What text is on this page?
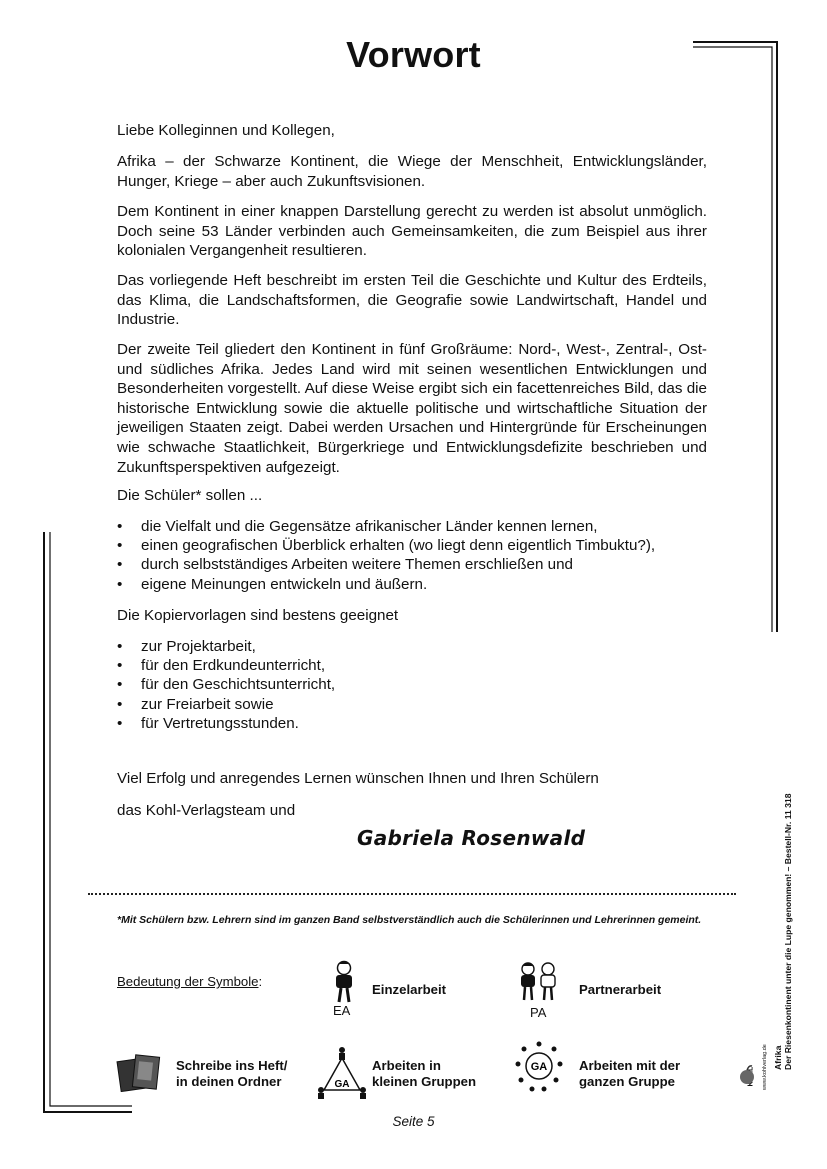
Vorwort
Liebe Kolleginnen und Kollegen,
Afrika – der Schwarze Kontinent, die Wiege der Menschheit, Entwicklungsländer, Hunger, Kriege – aber auch Zukunftsvisionen.
Dem Kontinent in einer knappen Darstellung gerecht zu werden ist absolut unmöglich. Doch seine 53 Länder verbinden auch Gemeinsamkeiten, die zum Beispiel aus ihrer kolonialen Vergangenheit resultieren.
Das vorliegende Heft beschreibt im ersten Teil die Geschichte und Kultur des Erdteils, das Klima, die Landschaftsformen, die Geografie sowie Landwirtschaft, Handel und Industrie.
Der zweite Teil gliedert den Kontinent in fünf Großräume: Nord-, West-, Zentral-, Ost- und südliches Afrika. Jedes Land wird mit seinen wesentlichen Entwicklungen und Besonderheiten vorgestellt. Auf diese Weise ergibt sich ein facettenreiches Bild, das die historische Entwicklung sowie die aktuelle politische und wirtschaftliche Situation der jeweiligen Staaten zeigt. Dabei werden Ursachen und Hintergründe für Erscheinungen wie schwache Staatlichkeit, Bürgerkriege und Entwicklungsdefizite beschrieben und Zukunftsperspektiven aufgezeigt.
Die Schüler* sollen ...
• die Vielfalt und die Gegensätze afrikanischer Länder kennen lernen,
• einen geografischen Überblick erhalten (wo liegt denn eigentlich Timbuktu?),
• durch selbstständiges Arbeiten weitere Themen erschließen und
• eigene Meinungen entwickeln und äußern.
Die Kopiervorlagen sind bestens geeignet
• zur Projektarbeit,
• für den Erdkundeunterricht,
• für den Geschichtsunterricht,
• zur Freiarbeit sowie
• für Vertretungsstunden.
Viel Erfolg und anregendes Lernen wünschen Ihnen und Ihren Schülern
das Kohl-Verlagsteam und
Gabriela Rosenwald
*Mit Schülern bzw. Lehrern sind im ganzen Band selbstverständlich auch die Schülerinnen und Lehrerinnen gemeint.
Bedeutung der Symbole:
EA
Einzelarbeit
PA
Partnerarbeit
Schreibe ins Heft/
in deinen Ordner	GA
Arbeiten in
kleinen Gruppen
GA Arbeiten mit der
ganzen Gruppe
Seite 5
Afrika
Der Riesenkontinent unter die Lupe genommen! – Bestell-Nr. 11 318
www.kohlverlag.de
